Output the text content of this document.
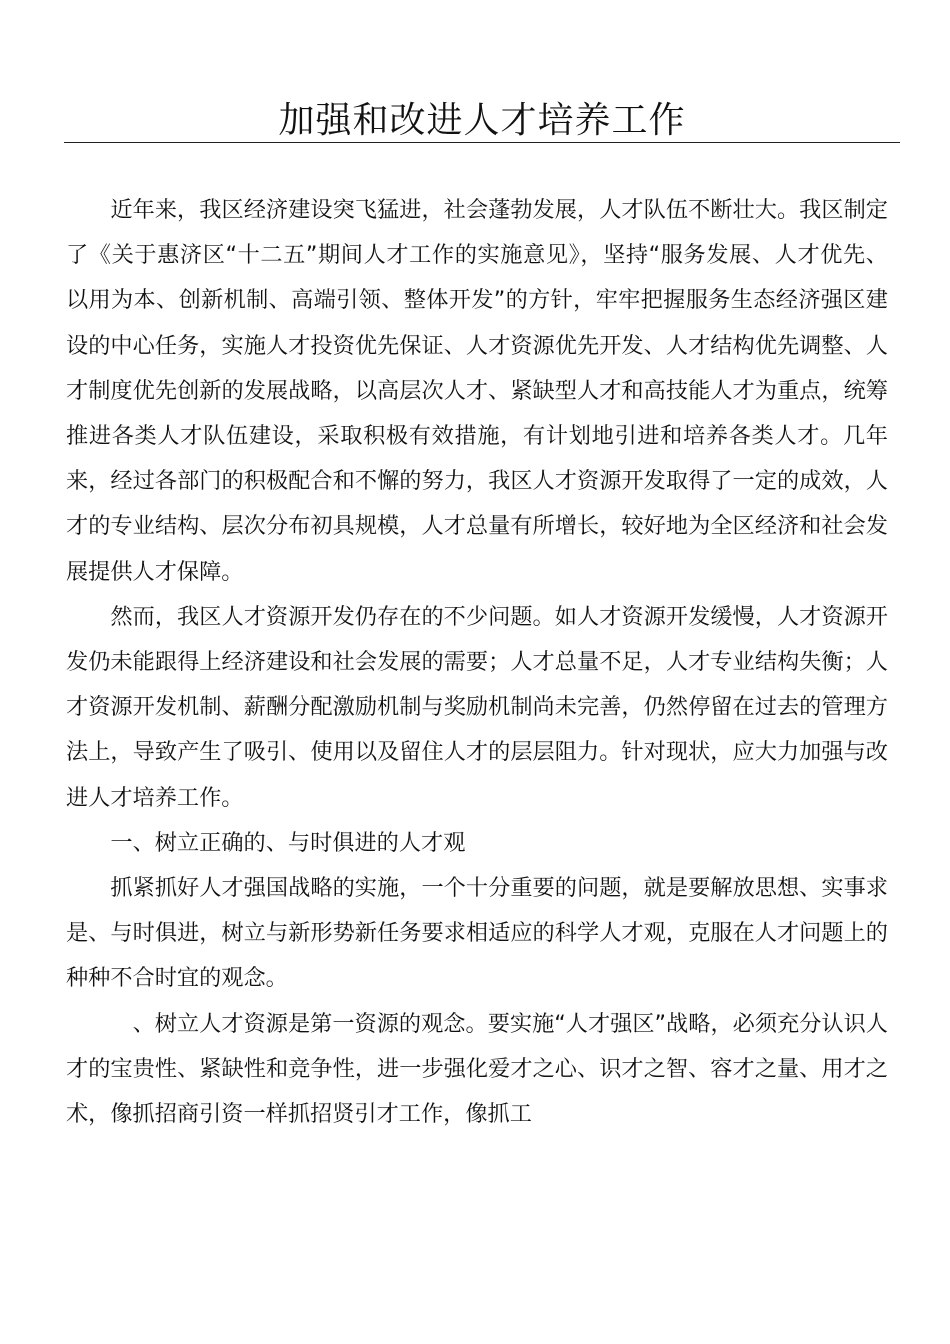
加强和改进人才培养工作

近年来，我区经济建设突飞猛进，社会蓬勃发展，人才队伍不断壮大。我区制定了《关于惠济区“十二五”期间人才工作的实施意见》，坚持“服务发展、人才优先、以用为本、创新机制、高端引领、整体开发”的方针，牢牢把握服务生态经济强区建设的中心任务，实施人才投资优先保证、人才资源优先开发、人才结构优先调整、人才制度优先创新的发展战略，以高层次人才、紧缺型人才和高技能人才为重点，统筹推进各类人才队伍建设，采取积极有效措施，有计划地引进和培养各类人才。几年来，经过各部门的积极配合和不懈的努力，我区人才资源开发取得了一定的成效，人才的专业结构、层次分布初具规模，人才总量有所增长，较好地为全区经济和社会发展提供人才保障。

然而，我区人才资源开发仍存在的不少问题。如人才资源开发缓慢，人才资源开发仍未能跟得上经济建设和社会发展的需要；人才总量不足，人才专业结构失衡；人才资源开发机制、薪酬分配激励机制与奖励机制尚未完善，仍然停留在过去的管理方法上，导致产生了吸引、使用以及留住人才的层层阻力。针对现状，应大力加强与改进人才培养工作。

一、树立正确的、与时俱进的人才观

抓紧抓好人才强国战略的实施，一个十分重要的问题，就是要解放思想、实事求是、与时俱进，树立与新形势新任务要求相适应的科学人才观，克服在人才问题上的种种不合时宜的观念。

、树立人才资源是第一资源的观念。要实施“人才强区”战略，必须充分认识人才的宝贵性、紧缺性和竞争性，进一步强化爱才之心、识才之智、容才之量、用才之术，像抓招商引资一样抓招贤引才工作，像抓工
